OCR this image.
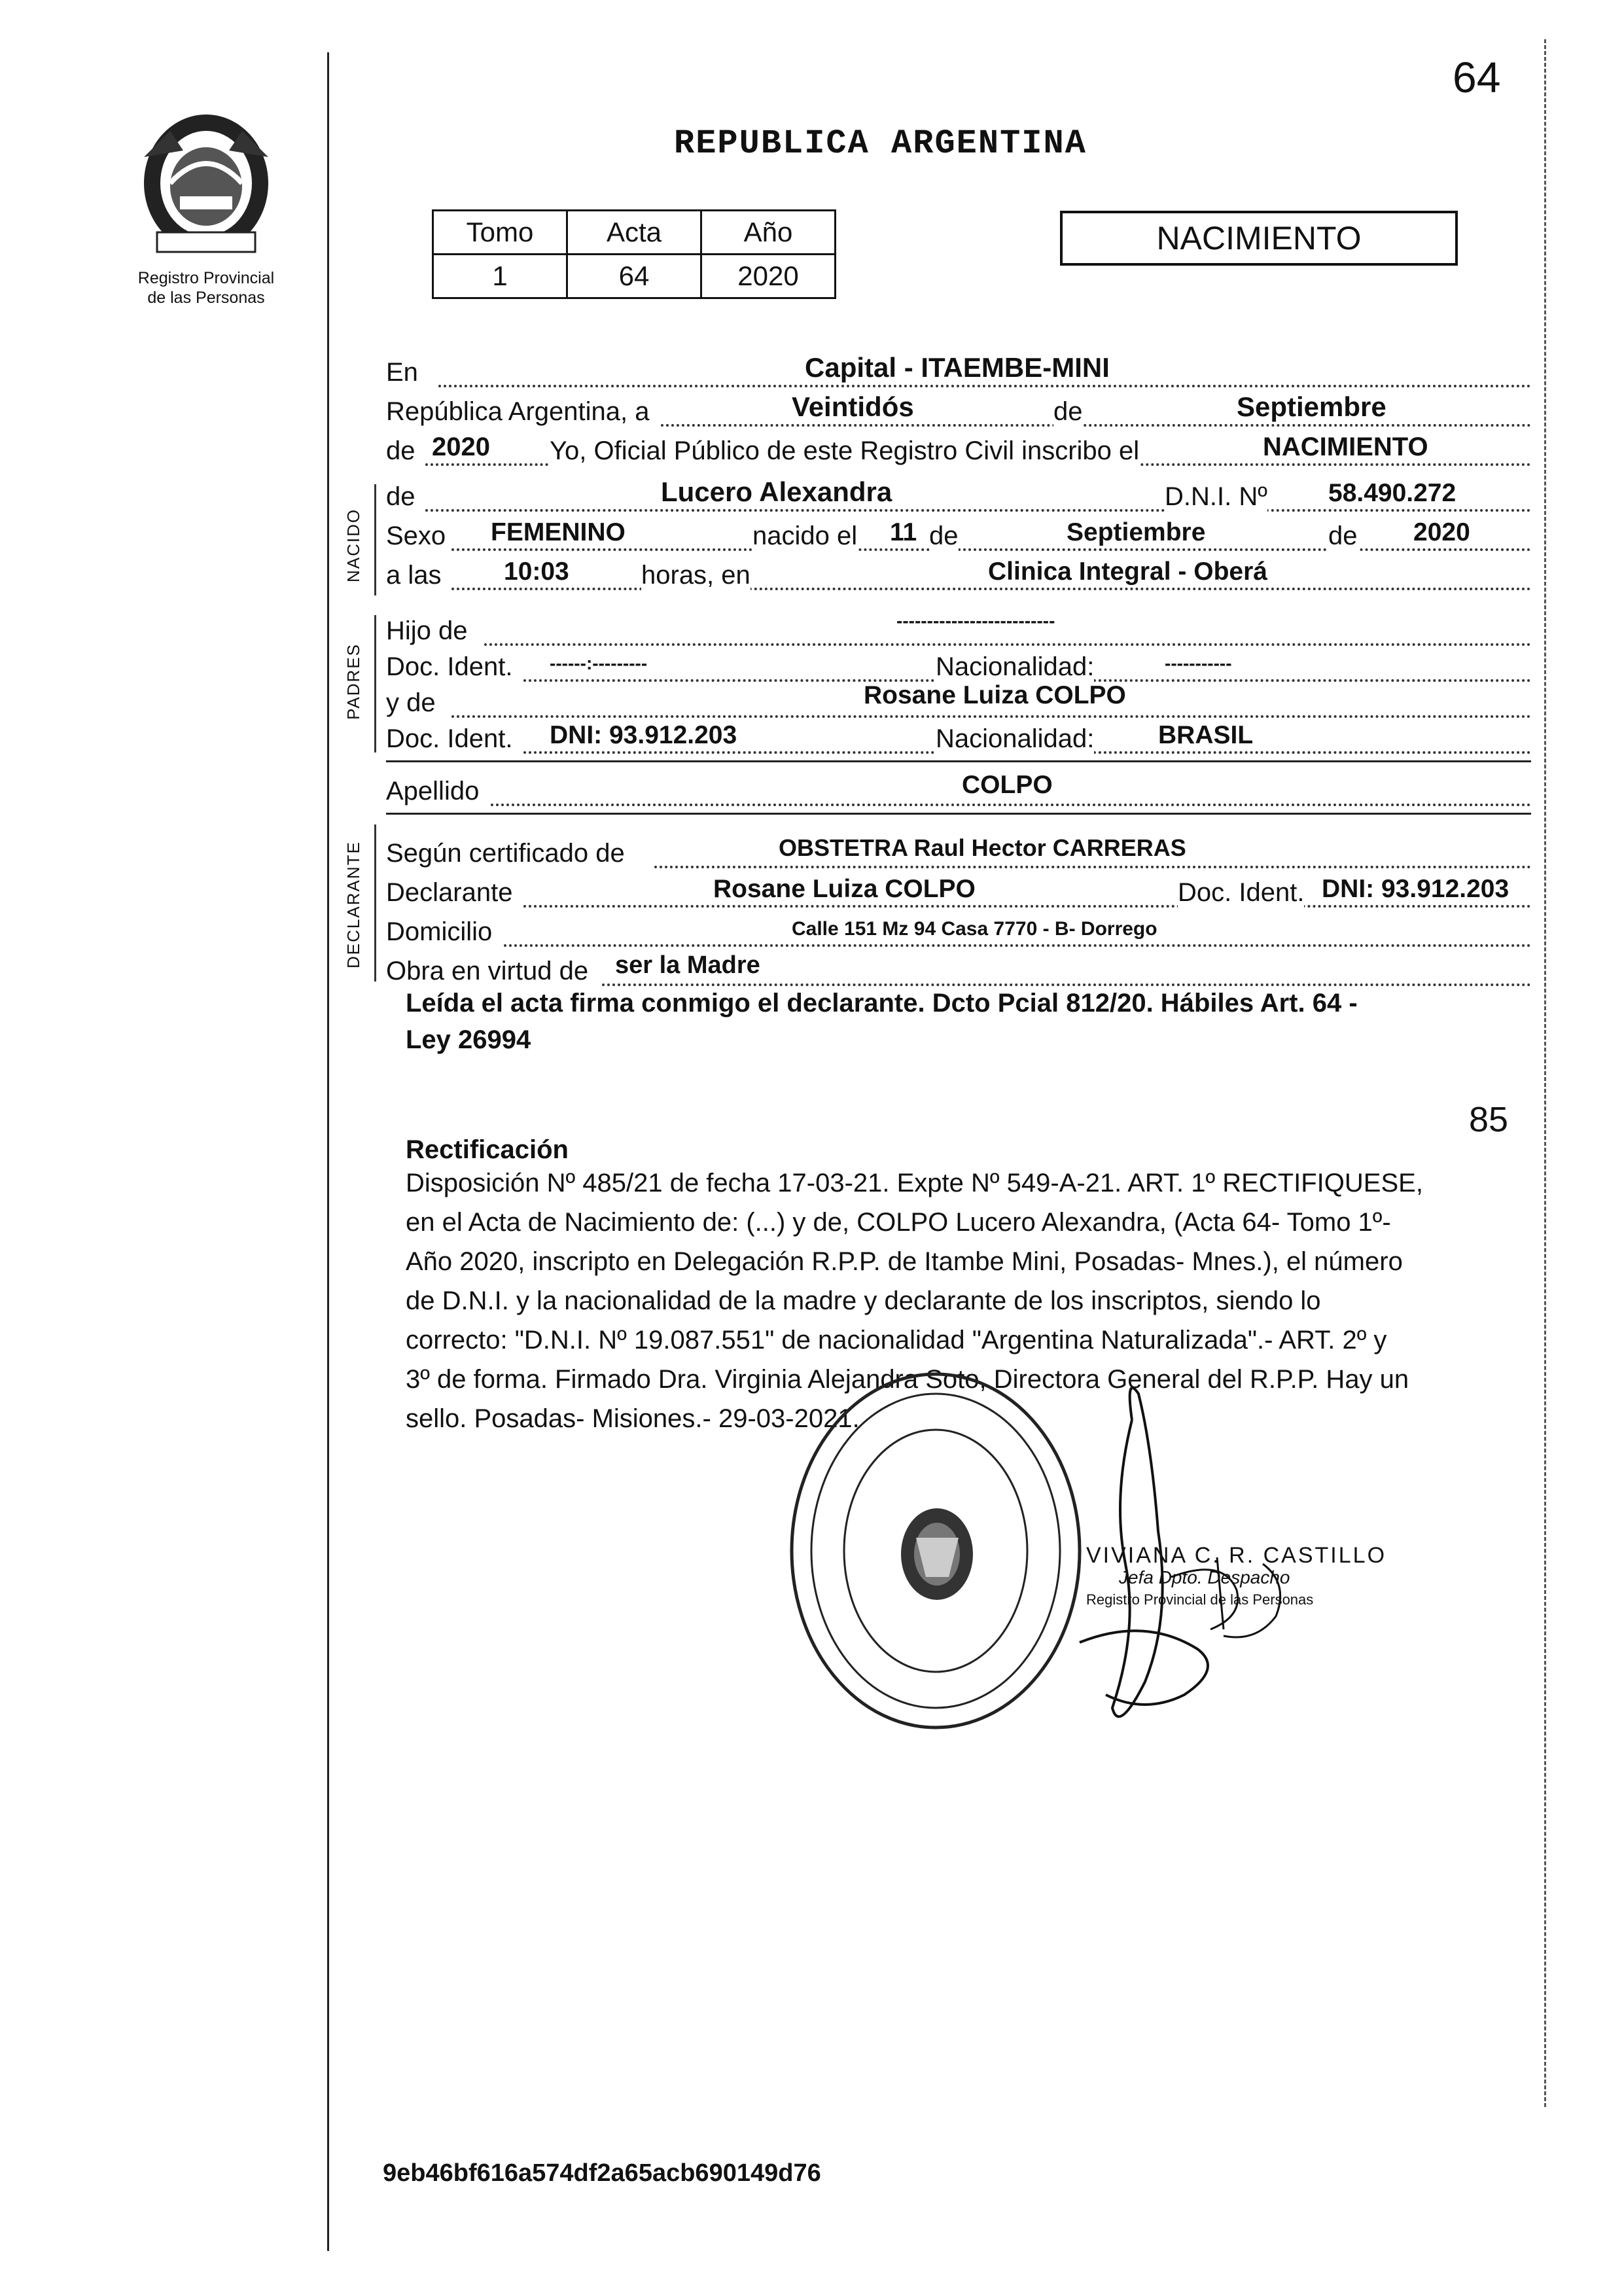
64
Registro Provincial
de las Personas
REPUBLICA ARGENTINA
Tomo	Acta	Año
1	64	2020
NACIMIENTO
En	Capital - ITAEMBE-MINI
República Argentina, a	Veintidós	de	Septiembre
de 2020 Yo, Oficial Público de este Registro Civil inscribo el	NACIMIENTO
NACIDO
de	Lucero Alexandra	D.N.I. Nº 58.490.272
Sexo FEMENINO	nacido el 11 de	Septiembre	de 2020
a las 10:03	horas, en	Clinica Integral - Oberá
PADRES
Hijo de	--------------------------
Doc. Ident. ------:---------	Nacionalidad:	-----------
y de	Rosane Luiza COLPO
Doc. Ident. DNI: 93.912.203	Nacionalidad:	BRASIL
Apellido	COLPO
DECLARANTE Según certificado de	OBSTETRA Raul Hector CARRERAS
Declarante	Rosane Luiza COLPO	Doc. Ident. DNI: 93.912.203
Domicilio	Calle 151 Mz 94 Casa 7770 - B- Dorrego
Obra en virtud de ser la Madre
Leída el acta firma conmigo el declarante. Dcto Pcial 812/20. Hábiles Art. 64 -
Ley 26994
85
Rectificación
Disposición Nº 485/21 de fecha 17-03-21. Expte Nº 549-A-21. ART. 1º RECTIFIQUESE,
en el Acta de Nacimiento de: (...) y de, COLPO Lucero Alexandra, (Acta 64- Tomo 1º-
Año 2020, inscripto en Delegación R.P.P. de Itambe Mini, Posadas- Mnes.), el número
de D.N.I. y la nacionalidad de la madre y declarante de los inscriptos, siendo lo
correcto: "D.N.I. Nº 19.087.551" de nacionalidad "Argentina Naturalizada".- ART. 2º y
3º de forma. Firmado Dra. Virginia Alejandra Soto, Directora General del R.P.P. Hay un
sello. Posadas- Misiones.- 29-03-2021.
VIVIANA C. R. CASTILLO
Jefa Dpto. Despacho
Registro Provincial de las Personas
9eb46bf616a574df2a65acb690149d76
